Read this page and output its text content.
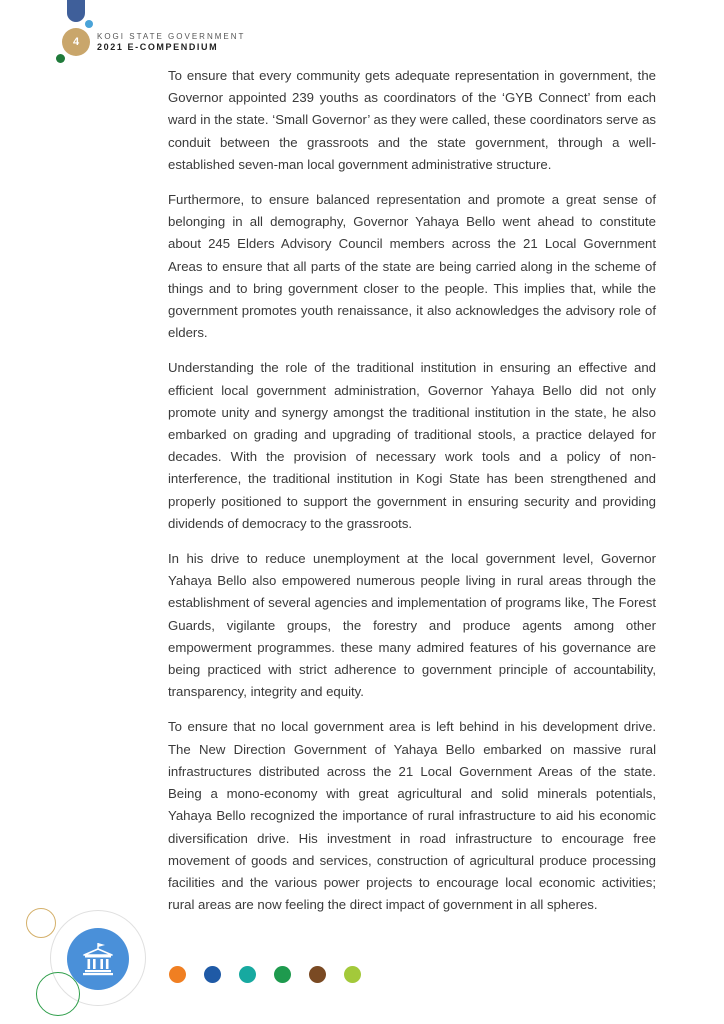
4 KOGI STATE GOVERNMENT
2021 E-COMPENDIUM

To ensure that every community gets adequate representation in government, the Governor appointed 239 youths as coordinators of the ‘GYB Connect’ from each ward in the state. ‘Small Governor’ as they were called, these coordinators serve as conduit between the grassroots and the state government, through a well-established seven-man local government administrative structure.

Furthermore, to ensure balanced representation and promote a great sense of belonging in all demography, Governor Yahaya Bello went ahead to constitute about 245 Elders Advisory Council members across the 21 Local Government Areas to ensure that all parts of the state are being carried along in the scheme of things and to bring government closer to the people. This implies that, while the government promotes youth renaissance, it also acknowledges the advisory role of elders.

Understanding the role of the traditional institution in ensuring an effective and efficient local government administration, Governor Yahaya Bello did not only promote unity and synergy amongst the traditional institution in the state, he also embarked on grading and upgrading of traditional stools, a practice delayed for decades. With the provision of necessary work tools and a policy of non-interference, the traditional institution in Kogi State has been strengthened and properly positioned to support the government in ensuring security and providing dividends of democracy to the grassroots.

In his drive to reduce unemployment at the local government level, Governor Yahaya Bello also empowered numerous people living in rural areas through the establishment of several agencies and implementation of programs like, The Forest Guards, vigilante groups, the forestry and produce agents among other empowerment programmes. these many admired features of his governance are being practiced with strict adherence to government principle of accountability, transparency, integrity and equity.

To ensure that no local government area is left behind in his development drive. The New Direction Government of Yahaya Bello embarked on massive rural infrastructures distributed across the 21 Local Government Areas of the state. Being a mono-economy with great agricultural and solid minerals potentials, Yahaya Bello recognized the importance of rural infrastructure to aid his economic diversification drive. His investment in road infrastructure to encourage free movement of goods and services, construction of agricultural produce processing facilities and the various power projects to encourage local economic activities; rural areas are now feeling the direct impact of government in all spheres.
